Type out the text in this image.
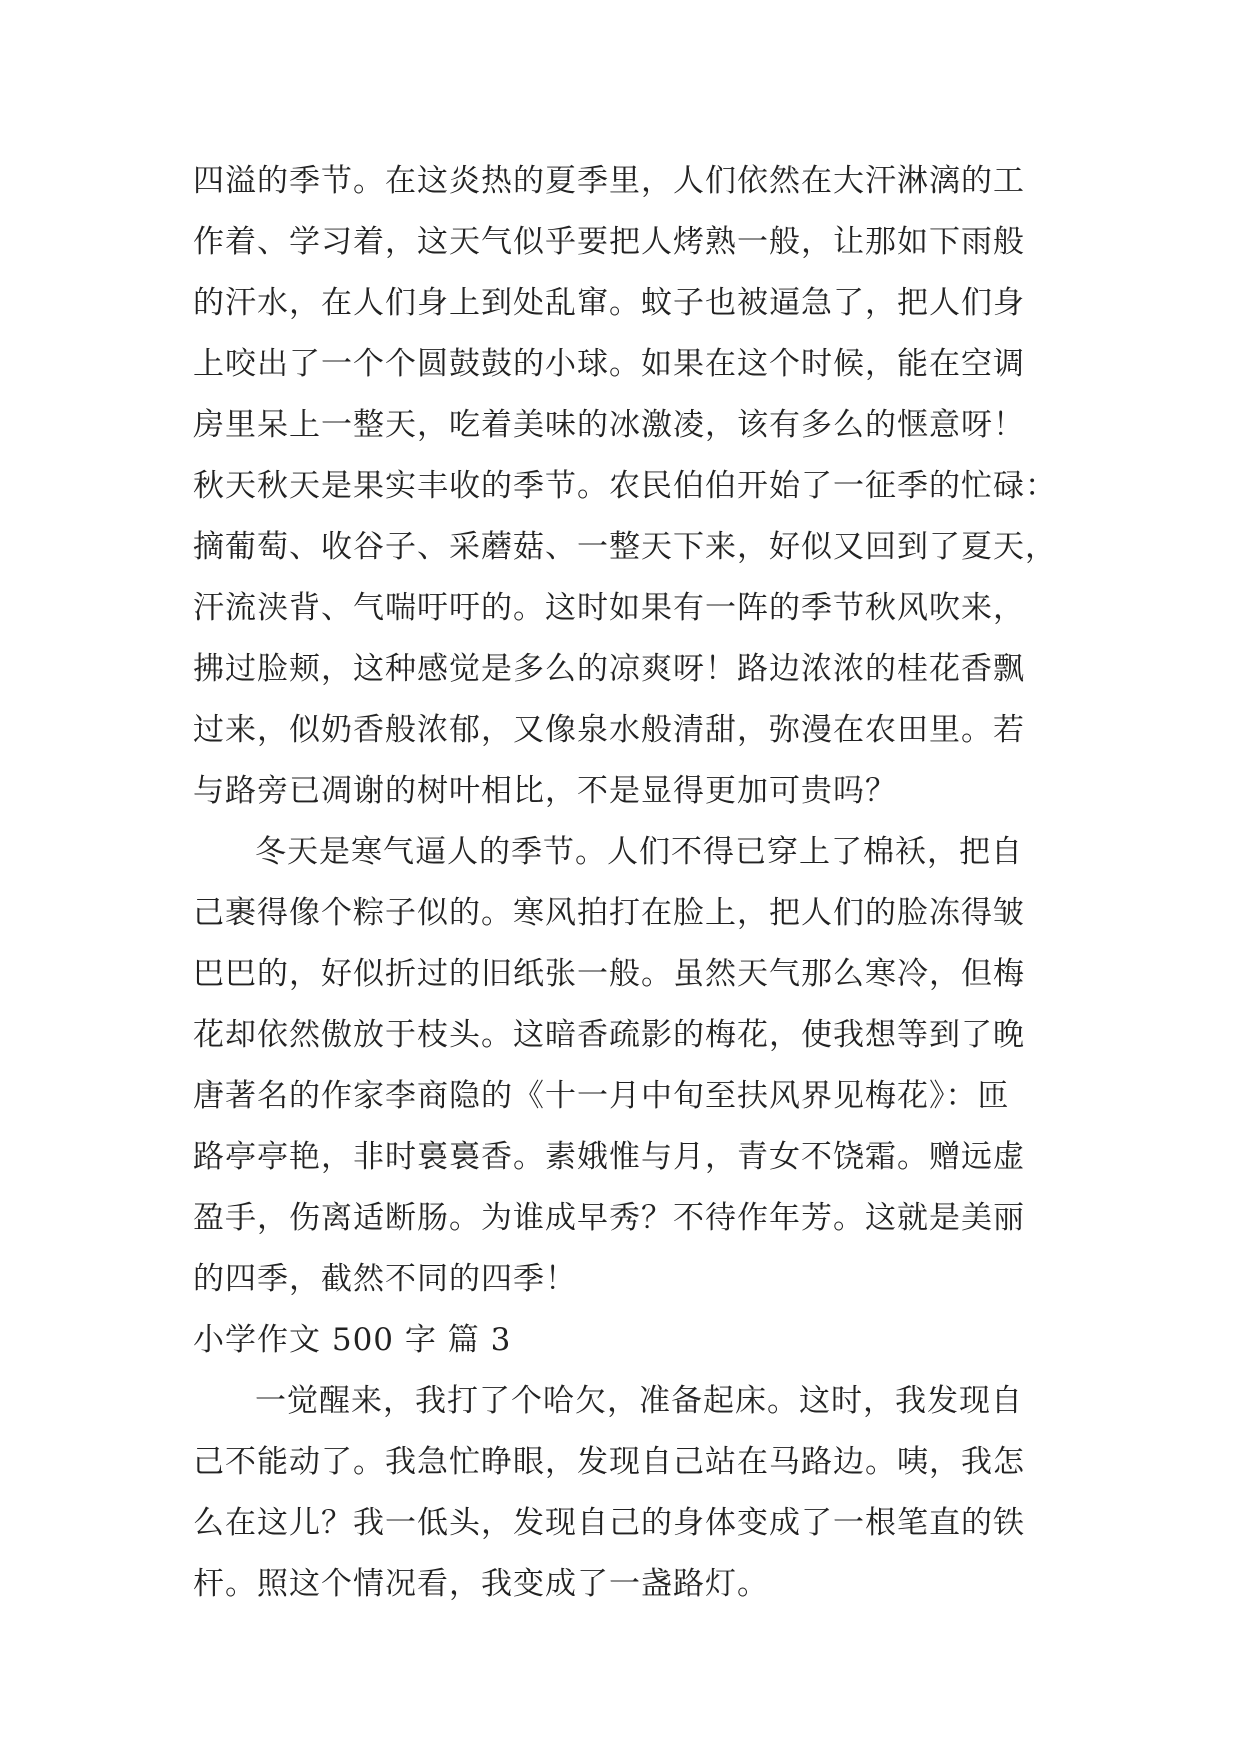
四溢的季节。在这炎热的夏季里，人们依然在大汗淋漓的工
作着、学习着，这天气似乎要把人烤熟一般，让那如下雨般
的汗水，在人们身上到处乱窜。蚊子也被逼急了，把人们身
上咬出了一个个圆鼓鼓的小球。如果在这个时候，能在空调
房里呆上一整天，吃着美味的冰激凌，该有多么的惬意呀！
秋天秋天是果实丰收的季节。农民伯伯开始了一征季的忙碌：
摘葡萄、收谷子、采蘑菇、一整天下来，好似又回到了夏天，
汗流浃背、气喘吁吁的。这时如果有一阵的季节秋风吹来，
拂过脸颊，这种感觉是多么的凉爽呀！路边浓浓的桂花香飘
过来，似奶香般浓郁，又像泉水般清甜，弥漫在农田里。若
与路旁已凋谢的树叶相比，不是显得更加可贵吗？
冬天是寒气逼人的季节。人们不得已穿上了棉袄，把自
己裹得像个粽子似的。寒风拍打在脸上，把人们的脸冻得皱
巴巴的，好似折过的旧纸张一般。虽然天气那么寒冷，但梅
花却依然傲放于枝头。这暗香疏影的梅花，使我想等到了晚
唐著名的作家李商隐的《十一月中旬至扶风界见梅花》：匝
路亭亭艳，非时裛裛香。素娥惟与月，青女不饶霜。赠远虚
盈手，伤离适断肠。为谁成早秀？不待作年芳。这就是美丽
的四季，截然不同的四季！
小学作文 500 字 篇 3
一觉醒来，我打了个哈欠，准备起床。这时，我发现自
己不能动了。我急忙睁眼，发现自己站在马路边。咦，我怎
么在这儿？我一低头，发现自己的身体变成了一根笔直的铁
杆。照这个情况看，我变成了一盏路灯。
